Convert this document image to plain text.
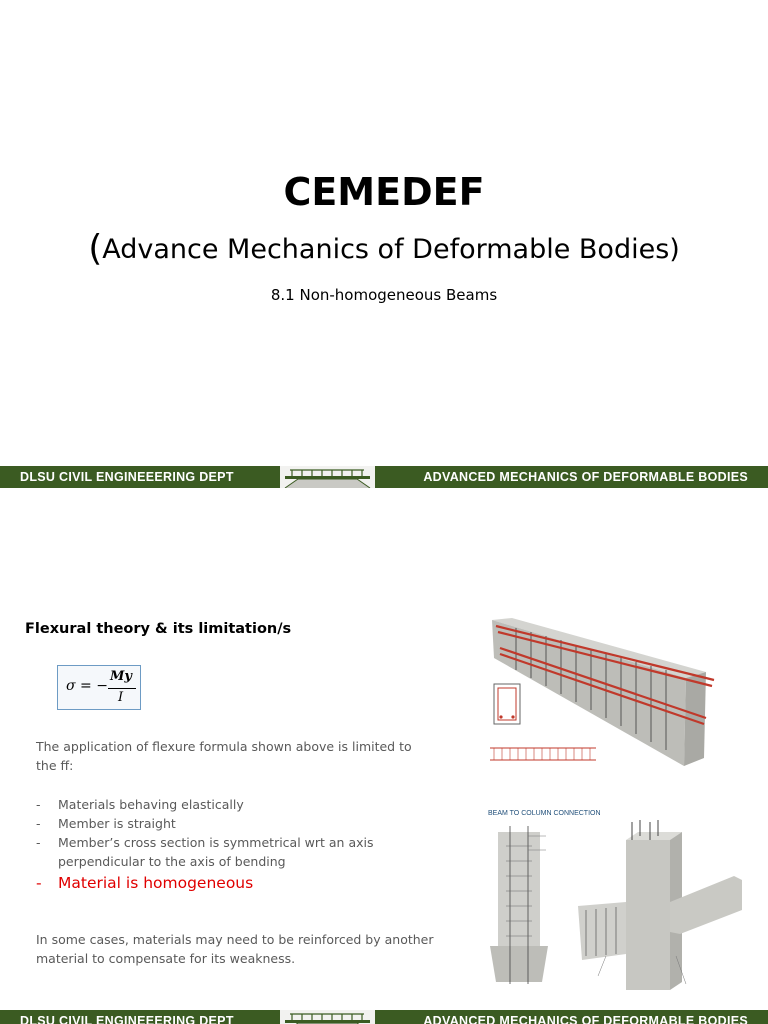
CEMEDEF
(Advance Mechanics of Deformable Bodies)
8.1 Non-homogeneous Beams
DLSU CIVIL ENGINEEERING DEPT	ADVANCED MECHANICS OF DEFORMABLE BODIES
Flexural theory & its limitation/s
σ = −
My
I
The application of flexure formula shown above is limited to the ff:
- Materials behaving elastically
- Member is straight
- Member’s cross section is symmetrical wrt an axis perpendicular to the axis of bending
- Material is homogeneous
In some cases, materials may need to be reinforced by another material to compensate for its weakness.
BEAM TO COLUMN CONNECTION
DLSU CIVIL ENGINEEERING DEPT	ADVANCED MECHANICS OF DEFORMABLE BODIES
